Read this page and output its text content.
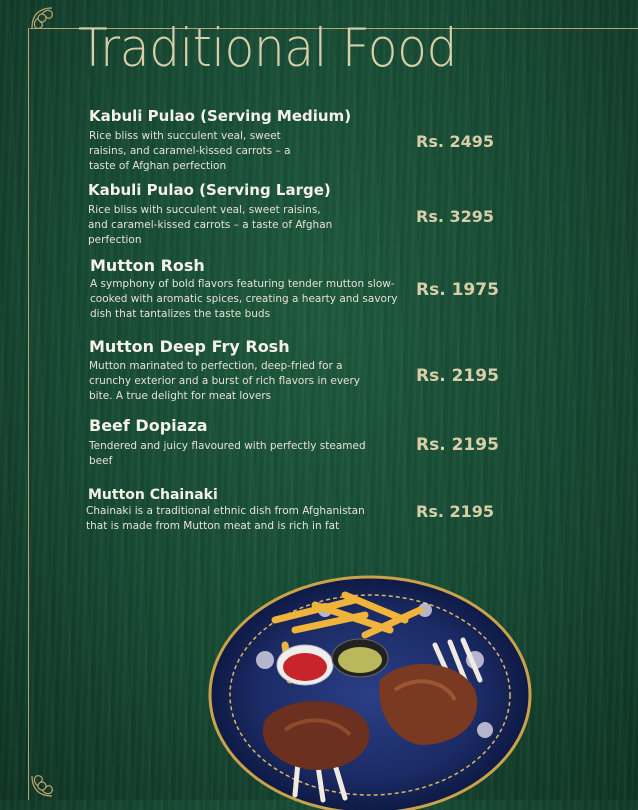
Traditional Food
Kabuli Pulao (Serving Medium)
Rice bliss with succulent veal, sweet raisins, and caramel-kissed carrots – a taste of Afghan perfection
Rs. 2495
Kabuli Pulao (Serving Large)
Rice bliss with succulent veal, sweet raisins, and caramel-kissed carrots – a taste of Afghan perfection
Rs. 3295
Mutton Rosh
A symphony of bold flavors featuring tender mutton slow-cooked with aromatic spices, creating a hearty and savory dish that tantalizes the taste buds
Rs. 1975
Mutton Deep Fry Rosh
Mutton marinated to perfection, deep-fried for a crunchy exterior and a burst of rich flavors in every bite. A true delight for meat lovers
Rs. 2195
Beef Dopiaza
Tendered and juicy flavoured with perfectly steamed beef
Rs. 2195
Mutton Chainaki
Chainaki is a traditional ethnic dish from Afghanistan that is made from Mutton meat and is rich in fat
Rs. 2195
